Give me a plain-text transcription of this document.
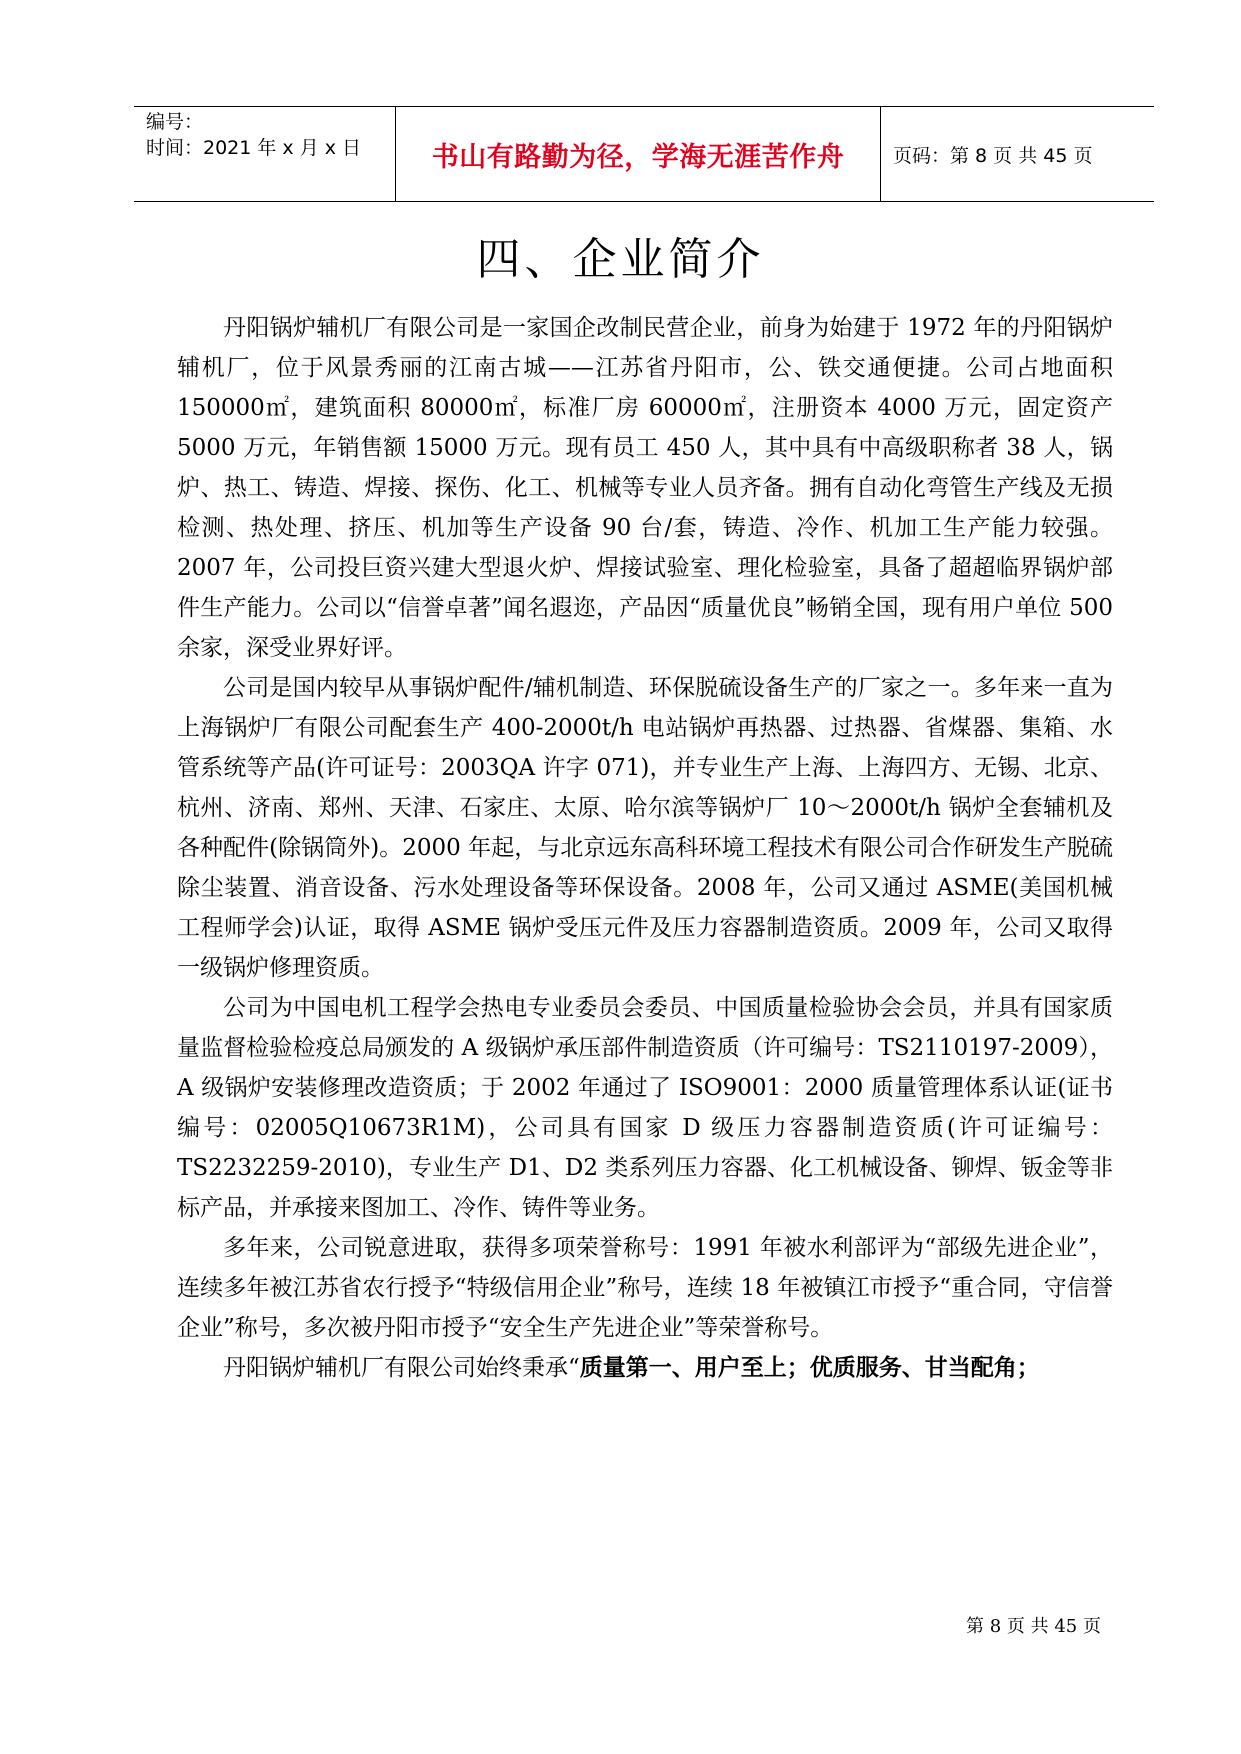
编号：
时间：2021 年 x 月 x 日	书山有路勤为径，学海无涯苦作舟	页码：第 8 页 共 45 页
四、企业简介

丹阳锅炉辅机厂有限公司是一家国企改制民营企业，前身为始建于 1972 年的丹阳锅炉辅机厂，位于风景秀丽的江南古城——江苏省丹阳市，公、铁交通便捷。公司占地面积 150000㎡，建筑面积 80000㎡，标准厂房 60000㎡，注册资本 4000 万元，固定资产 5000 万元，年销售额 15000 万元。现有员工 450 人，其中具有中高级职称者 38 人，锅炉、热工、铸造、焊接、探伤、化工、机械等专业人员齐备。拥有自动化弯管生产线及无损检测、热处理、挤压、机加等生产设备 90 台/套，铸造、冷作、机加工生产能力较强。2007 年，公司投巨资兴建大型退火炉、焊接试验室、理化检验室，具备了超超临界锅炉部件生产能力。公司以“信誉卓著”闻名遐迩，产品因“质量优良”畅销全国，现有用户单位 500 余家，深受业界好评。

公司是国内较早从事锅炉配件/辅机制造、环保脱硫设备生产的厂家之一。多年来一直为上海锅炉厂有限公司配套生产 400-2000t/h 电站锅炉再热器、过热器、省煤器、集箱、水管系统等产品(许可证号：2003QA 许字 071)，并专业生产上海、上海四方、无锡、北京、杭州、济南、郑州、天津、石家庄、太原、哈尔滨等锅炉厂 10～2000t/h 锅炉全套辅机及各种配件(除锅筒外)。2000 年起，与北京远东高科环境工程技术有限公司合作研发生产脱硫除尘装置、消音设备、污水处理设备等环保设备。2008 年，公司又通过 ASME(美国机械工程师学会)认证，取得 ASME 锅炉受压元件及压力容器制造资质。2009 年，公司又取得一级锅炉修理资质。

公司为中国电机工程学会热电专业委员会委员、中国质量检验协会会员，并具有国家质量监督检验检疫总局颁发的 A 级锅炉承压部件制造资质（许可编号：TS2110197-2009），A 级锅炉安装修理改造资质；于 2002 年通过了 ISO9001：2000 质量管理体系认证(证书编号：02005Q10673R1M)，公司具有国家 D 级压力容器制造资质(许可证编号：TS2232259-2010)，专业生产 D1、D2 类系列压力容器、化工机械设备、铆焊、钣金等非标产品，并承接来图加工、冷作、铸件等业务。

多年来，公司锐意进取，获得多项荣誉称号：1991 年被水利部评为“部级先进企业”，连续多年被江苏省农行授予“特级信用企业”称号，连续 18 年被镇江市授予“重合同，守信誉企业”称号，多次被丹阳市授予“安全生产先进企业”等荣誉称号。

丹阳锅炉辅机厂有限公司始终秉承“质量第一、用户至上；优质服务、甘当配角；

第 8 页 共 45 页
